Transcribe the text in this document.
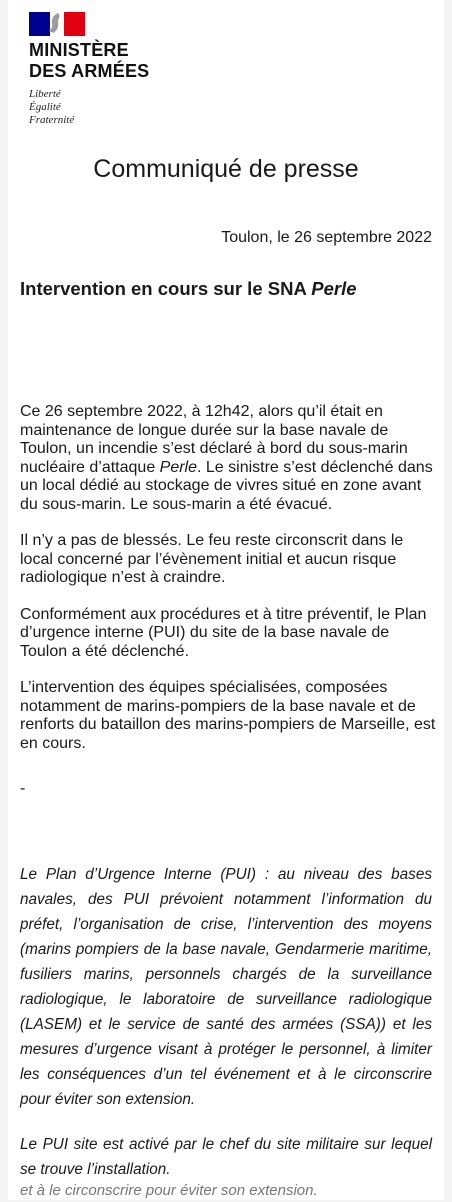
MINISTÈRE
DES ARMÉES
Liberté
Égalité
Fraternité
Communiqué de presse
Toulon, le 26 septembre 2022
Intervention en cours sur le SNA Perle

Ce 26 septembre 2022, à 12h42, alors qu’il était en maintenance de longue durée sur la base navale de Toulon, un incendie s’est déclaré à bord du sous-marin nucléaire d’attaque Perle. Le sinistre s’est déclenché dans un local dédié au stockage de vivres situé en zone avant du sous-marin. Le sous-marin a été évacué.

Il n’y a pas de blessés. Le feu reste circonscrit dans le local concerné par l’évènement initial et aucun risque radiologique n’est à craindre.

Conformément aux procédures et à titre préventif, le Plan d’urgence interne (PUI) du site de la base navale de Toulon a été déclenché.

L’intervention des équipes spécialisées, composées notamment de marins-pompiers de la base navale et de renforts du bataillon des marins-pompiers de Marseille, est en cours.

-

Le Plan d’Urgence Interne (PUI) : au niveau des bases navales, des PUI prévoient notamment l’information du préfet, l’organisation de crise, l’intervention des moyens (marins pompiers de la base navale, Gendarmerie maritime, fusiliers marins, personnels chargés de la surveillance radiologique, le laboratoire de surveillance radiologique (LASEM) et le service de santé des armées (SSA)) et les mesures d’urgence visant à protéger le personnel, à limiter les conséquences d’un tel événement et à le circonscrire pour éviter son extension.

Le PUI site est activé par le chef du site militaire sur lequel se trouve l’installation.

et à le circonscrire pour éviter son extension.
